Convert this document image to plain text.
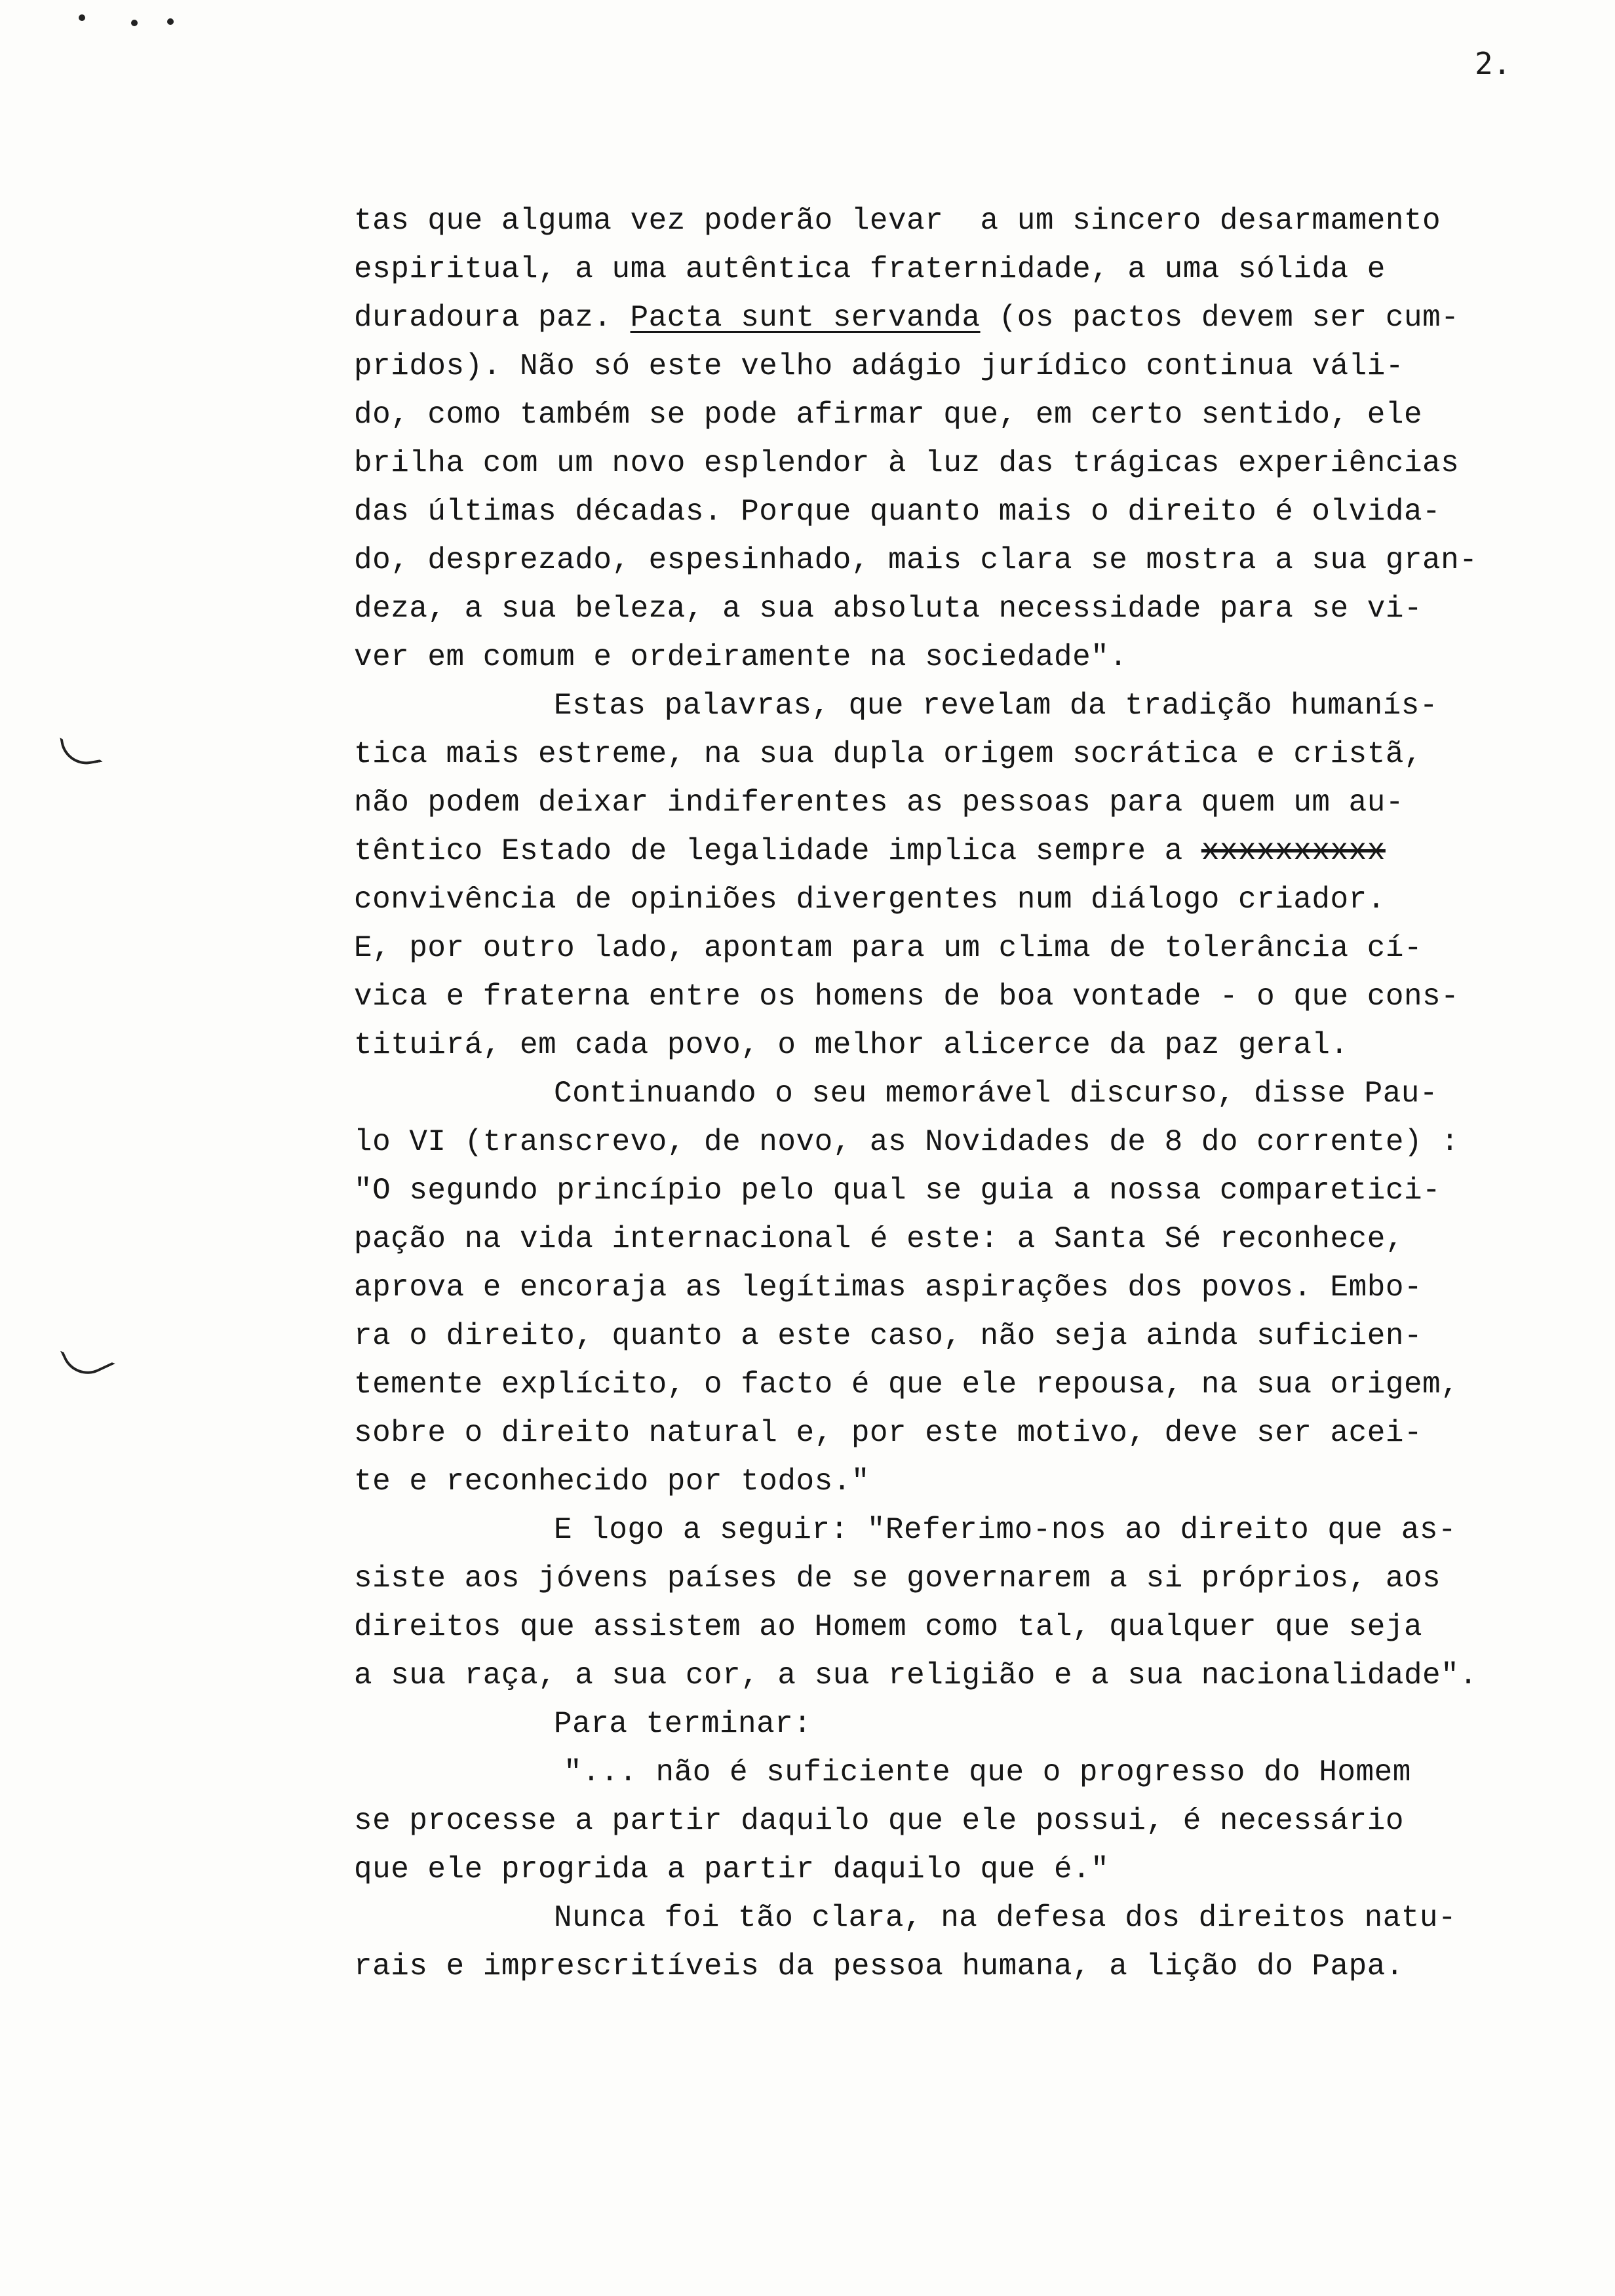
2.
tas que alguma vez poderão levar  a um sincero desarmamento
espiritual, a uma autêntica fraternidade, a uma sólida e
duradoura paz. Pacta sunt servanda (os pactos devem ser cum-
pridos). Não só este velho adágio jurídico continua váli-
do, como também se pode afirmar que, em certo sentido, ele
brilha com um novo esplendor à luz das trágicas experiências
das últimas décadas. Porque quanto mais o direito é olvida-
do, desprezado, espesinhado, mais clara se mostra a sua gran-
deza, a sua beleza, a sua absoluta necessidade para se vi-
ver em comum e ordeiramente na sociedade".
Estas palavras, que revelam da tradição humanís-
tica mais estreme, na sua dupla origem socrática e cristã,
não podem deixar indiferentes as pessoas para quem um au-
têntico Estado de legalidade implica sempre a xxxxxxxxxx
convivência de opiniões divergentes num diálogo criador.
E, por outro lado, apontam para um clima de tolerância cí-
vica e fraterna entre os homens de boa vontade - o que cons-
tituirá, em cada povo, o melhor alicerce da paz geral.
Continuando o seu memorável discurso, disse Pau-
lo VI (transcrevo, de novo, as Novidades de 8 do corrente) :
"O segundo princípio pelo qual se guia a nossa comparetici-
pação na vida internacional é este: a Santa Sé reconhece,
aprova e encoraja as legítimas aspirações dos povos. Embo-
ra o direito, quanto a este caso, não seja ainda suficien-
temente explícito, o facto é que ele repousa, na sua origem,
sobre o direito natural e, por este motivo, deve ser acei-
te e reconhecido por todos."
E logo a seguir: "Referimo-nos ao direito que as-
siste aos jóvens países de se governarem a si próprios, aos
direitos que assistem ao Homem como tal, qualquer que seja
a sua raça, a sua cor, a sua religião e a sua nacionalidade".
Para terminar:
"... não é suficiente que o progresso do Homem
se processe a partir daquilo que ele possui, é necessário
que ele progrida a partir daquilo que é."
Nunca foi tão clara, na defesa dos direitos natu-
rais e imprescritíveis da pessoa humana, a lição do Papa.
